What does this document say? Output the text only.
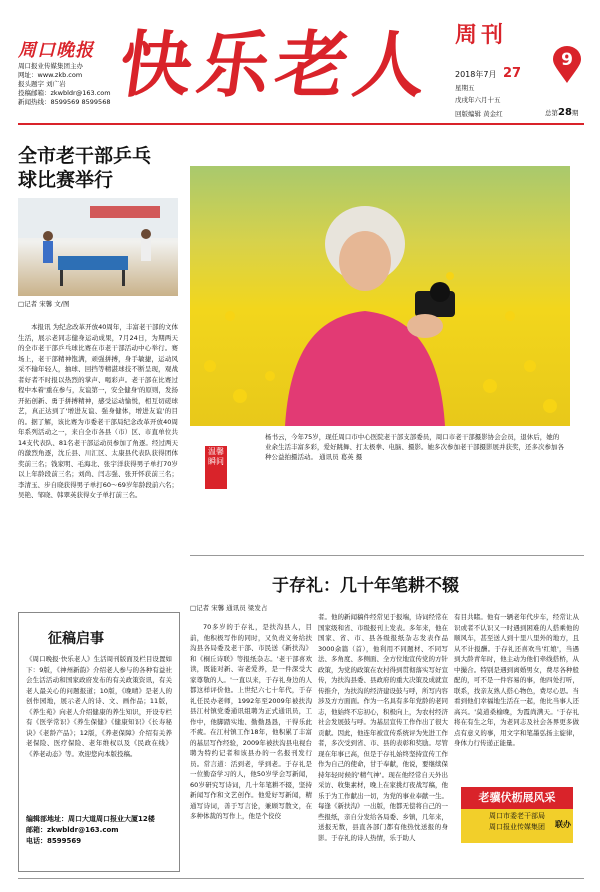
周口晚报
周口报业传媒集团主办
网址：www.zkb.com
报头题字 刘广岩
投稿邮箱：zkwbldr@163.com
新闻热线：8599569 8599568 快乐老人 周刊
9
2018年7月 27
星期五
戊戌年六月十五
回版编辑 黄金红	总第28期
全市老干部乒乓球比赛举行
□记者 宋馨 文/图
本报讯 为纪念改革开放40周年，丰富老干部的文体生活，展示老同志健身运动成果，7月24日，为期两天的全市老干部乒乓球比赛在市老干部活动中心举行。赛场上，老干部精神饱满，顽强拼搏，身手敏捷，运动风采不输年轻人，抽球、回挡等精湛球技不断呈现，观战者好者不时报以热烈的掌声、喝彩声。老干部在比赛过程中本着'重在参与，友谊第一，安全健身'的原则，发扬开拓创新、勇于拼搏精神，感受运动愉悦，相互切磋球艺，真正达到了'增进友谊、强身健体，增进友谊'的目的。据了解，该比赛为市委老干部局纪念改革开放40周年系列活动之一，来自全市各县（市）区、市直单位共14支代表队、81名老干部运动员参加了角逐。经过两天的激烈角逐，沈丘县、川汇区、太康县代表队获得团体奖前三名；钱家明、毛海北、张宇洋获得男子单打70岁以上年龄段前三名；刘尚、闫志强、张开怀获前三名；李清玉、步自晓获得男子单打60～69岁年龄段前六名；吴艳、邹晓、韩翠英获得女子单打前三名。
温馨瞬间
杨书云，今年75岁，现任周口市中心医院老干部支部委员，周口市老干部摄影协会会员，退休后，她的业余生活丰富多彩，爱好跳舞、打太极拳、电脑、摄影。她多次参加老干部摄影展并获奖，还多次参加各种公益拍摄活动。 通讯员 葛英 摄
征稿启事
《周口晚报·快乐老人》生活周刊版面及栏目设置如下：9版，《神州新韵》介绍老人参与的各种有益社会生活活动和国家政府发布的有关政策资讯，有关老人最关心的问题报道；10版，《晚晴》是老人的创作园地，展示老人的诗、文、画作品；11版，《养生苑》向老人介绍健康的养生知识，开设专栏有《医学常识》《养生保健》《健康知识》《长寿秘诀》《老龄产品》；12版，《养老保障》介绍有关养老保险、医疗保险、老年维权以及《民政在线》《养老动态》等。欢迎您向本版投稿。
编辑部地址：周口大道周口报业大厦12楼
邮箱：zkwbldr@163.com
电话：8599569
于存礼：几十年笔耕不辍
□记者 宋馨 通讯员 梁发占
70多岁的于存礼，是扶沟县人，目前，他积极写作的同时，又负责义务给扶沟县各局委及老干部、市民送《新扶沟》和《桐丘诗联》等报纸杂志。'老干部喜欢读，既能对新、寄老爱养，是一件深受大家尊敬的人。'一直以来，于存礼身边的人都这样评价他。上世纪六七十年代，于存礼任民办老师，1992年至2009年被扶沟县江村镇党委通讯组聘为正式通讯员，工作中，他脚踏实地、勤勤恳恳，干得乐此不疲。在江村镇工作18年，他积累了丰富的基层写作经验，2009年被扶沟县电视台聘为特约记者和该县办的一名报刊发行员。常言道：活到老，学到老。于存礼是一位勤奋学习的人，他50岁学会写新闻，60岁研究写诗词，几十年笔耕不辍，坚持新闻写作和文艺创作。他爱好写新闻，精通写诗词，善于写言论，兼顾写散文，在多种体裁的写作上，他是个佼佼
者。他的新闻稿件经常见于报端，诗词经常在国家级和省、市级报刊上发表。多年来，他在国家、省、市、县各级报纸杂志发表作品3000余篇（首），他利用不同题材、不同写法、多角度、多侧面、全方位地宣传党的方针政策，为党的政策在农村得到贯彻落实写好宣传，为扶沟县委、县政府的重大决策及成就宣传推介，为扶沟的经济建设鼓与呼，所写内容涉及方方面面。作为一名具有多年党龄的老同志，他始终不忘初心，积极向上，为农村经济社会发展鼓与呼。为基层宣传工作作出了很大贡献。因此，他连年被宣传系统评为先进工作者，多次受到省、市、县的表彰和奖励。尽管现在年事已高，但是于存礼始终坚持宣传工作作为自己的使命，甘于奉献，他说，要继续保持年轻时候的'精气神'。现在他经常自天外出采访、收集素材，晚上在家挑灯夜战写稿，他乐于为工作献出一切，为党的事业奉献一生。每逢《新扶沟》一出版，他都无偿将自己的一些报纸，亲自分发给各局委、乡镇，几年来，送报无数，县直各部门都有他热忱送报的身影。于存礼的诗人热情，乐于助人
有目共睹。他有一辆老年代步车，经常让从识或者不认识又一时遇到困难的人搭乘他的顺风车，甚至送人到十里八里外的地方，且从不计报酬。于存礼还喜欢当'红娘'，当遇到大龄青年时，他主动为他们牵线搭桥，从中撮合。特别是遇到离婚男女，费尽各种般配的，可不是一件容易的事，他四处打听，联系，找亲友熟人搭心物色，费尽心思。当看到他们幸福地生活在一起，他比当事人还高兴。'莫道桑榆晚，为霞尚满天。'于存礼将在有生之年，为老同志及社会各界更多做点有意义的事，用文字和笔墨弘扬主旋律，身体力行传递正能量。
老骥伏枥展风采
周口市委老干部局
周口报业传媒集团	联办
